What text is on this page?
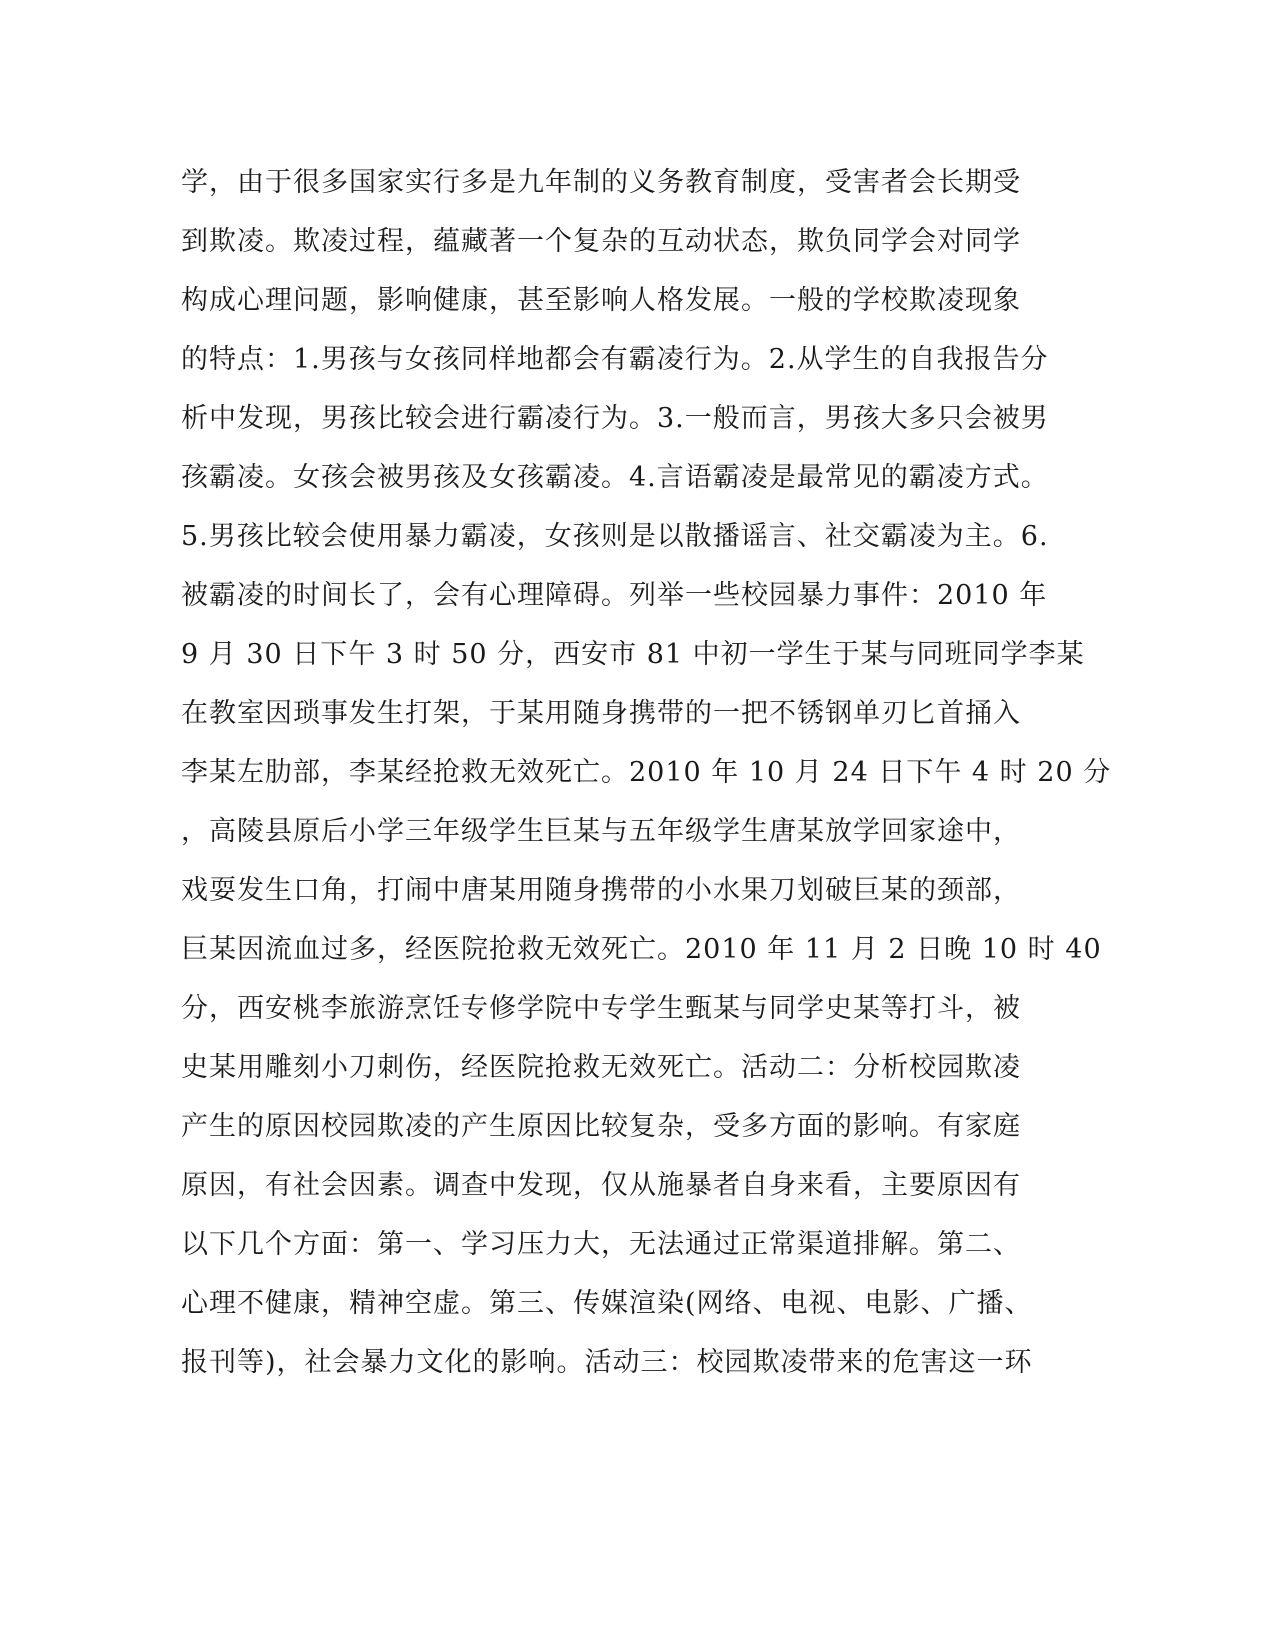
学，由于很多国家实行多是九年制的义务教育制度，受害者会长期受
到欺凌。欺凌过程，蕴藏著一个复杂的互动状态，欺负同学会对同学
构成心理问题，影响健康，甚至影响人格发展。一般的学校欺凌现象
的特点：1.男孩与女孩同样地都会有霸凌行为。2.从学生的自我报告分
析中发现，男孩比较会进行霸凌行为。3.一般而言，男孩大多只会被男
孩霸凌。女孩会被男孩及女孩霸凌。4.言语霸凌是最常见的霸凌方式。
5.男孩比较会使用暴力霸凌，女孩则是以散播谣言、社交霸凌为主。6.
被霸凌的时间长了，会有心理障碍。列举一些校园暴力事件：2010 年
9 月 30 日下午 3 时 50 分，西安市 81 中初一学生于某与同班同学李某
在教室因琐事发生打架，于某用随身携带的一把不锈钢单刃匕首捅入
李某左肋部，李某经抢救无效死亡。2010 年 10 月 24 日下午 4 时 20 分
，高陵县原后小学三年级学生巨某与五年级学生唐某放学回家途中，
戏耍发生口角，打闹中唐某用随身携带的小水果刀划破巨某的颈部，
巨某因流血过多，经医院抢救无效死亡。2010 年 11 月 2 日晚 10 时 40
分，西安桃李旅游烹饪专修学院中专学生甄某与同学史某等打斗，被
史某用雕刻小刀刺伤，经医院抢救无效死亡。活动二：分析校园欺凌
产生的原因校园欺凌的产生原因比较复杂，受多方面的影响。有家庭
原因，有社会因素。调查中发现，仅从施暴者自身来看，主要原因有
以下几个方面：第一、学习压力大，无法通过正常渠道排解。第二、
心理不健康，精神空虚。第三、传媒渲染(网络、电视、电影、广播、
报刊等)，社会暴力文化的影响。活动三：校园欺凌带来的危害这一环
